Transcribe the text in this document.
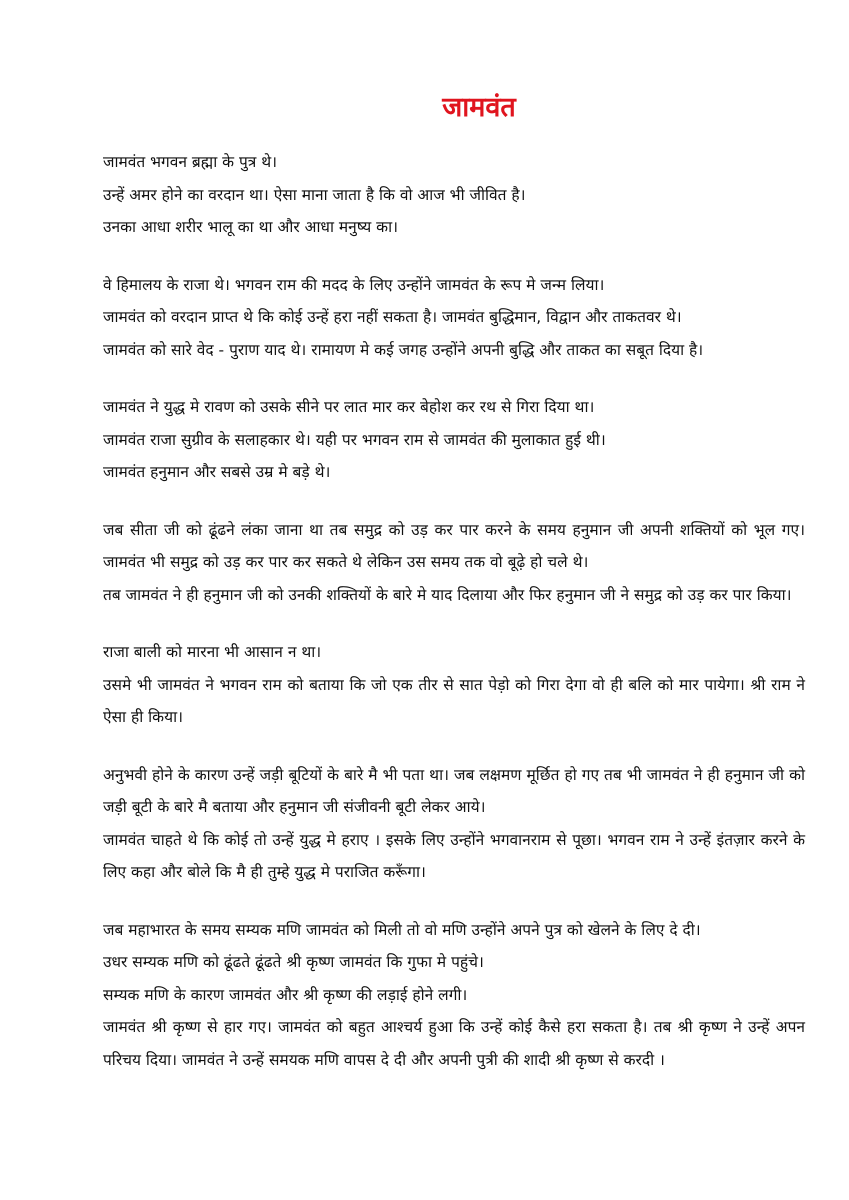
जामवंत
जामवंत भगवन ब्रह्मा के पुत्र थे।
उन्हें अमर होने का वरदान था। ऐसा माना जाता है कि वो आज भी जीवित है।
उनका आधा शरीर भालू का था और आधा मनुष्य का।
वे हिमालय के राजा थे। भगवन राम की मदद के लिए उन्होंने जामवंत के रूप मे जन्म लिया।
जामवंत को वरदान प्राप्त थे कि कोई उन्हें हरा नहीं सकता है। जामवंत बुद्धिमान, विद्वान और ताकतवर थे।
जामवंत को सारे वेद - पुराण याद थे। रामायण मे कई जगह उन्होंने अपनी बुद्धि और ताकत का सबूत दिया है।
जामवंत ने युद्ध मे रावण को उसके सीने पर लात मार कर बेहोश कर रथ से गिरा दिया था।
जामवंत राजा सुग्रीव के सलाहकार थे। यही पर भगवन राम से जामवंत की मुलाकात हुई थी।
जामवंत हनुमान और सबसे उम्र मे बड़े थे।
जब सीता जी को ढूंढने लंका जाना था तब समुद्र को उड़ कर पार करने के समय हनुमान जी अपनी शक्तियों को भूल गए। जामवंत भी समुद्र को उड़ कर पार कर सकते थे लेकिन उस समय तक वो बूढ़े हो चले थे।
तब जामवंत ने ही हनुमान जी को उनकी शक्तियों के बारे मे याद दिलाया और फिर हनुमान जी ने समुद्र को उड़ कर पार किया।
राजा बाली को मारना भी आसान न था।
उसमे भी जामवंत ने भगवन राम को बताया कि जो एक तीर से सात पेड़ो को गिरा देगा वो ही बलि को मार पायेगा। श्री राम ने ऐसा ही किया।
अनुभवी होने के कारण उन्हें जड़ी बूटियों के बारे मै भी पता था। जब लक्षमण मूर्छित हो गए तब भी जामवंत ने ही हनुमान जी को जड़ी बूटी के बारे मै बताया और हनुमान जी संजीवनी बूटी लेकर आये।
जामवंत चाहते थे कि कोई तो उन्हें युद्ध मे हराए । इसके लिए उन्होंने भगवानराम से पूछा। भगवन राम ने उन्हें इंतज़ार करने के लिए कहा और बोले कि मै ही तुम्हे युद्ध मे पराजित करूँगा।
जब महाभारत के समय सम्यक मणि जामवंत को मिली तो वो मणि उन्होंने अपने पुत्र को खेलने के लिए दे दी।
उधर सम्यक मणि को ढूंढते ढूंढते श्री कृष्ण जामवंत कि गुफा मे पहुंचे।
सम्यक मणि के कारण जामवंत और श्री कृष्ण की लड़ाई होने लगी।
जामवंत श्री कृष्ण से हार गए। जामवंत को बहुत आश्चर्य हुआ कि उन्हें कोई कैसे हरा सकता है। तब श्री कृष्ण ने उन्हें अपन परिचय दिया। जामवंत ने उन्हें समयक मणि वापस दे दी और अपनी पुत्री की शादी श्री कृष्ण से करदी ।
